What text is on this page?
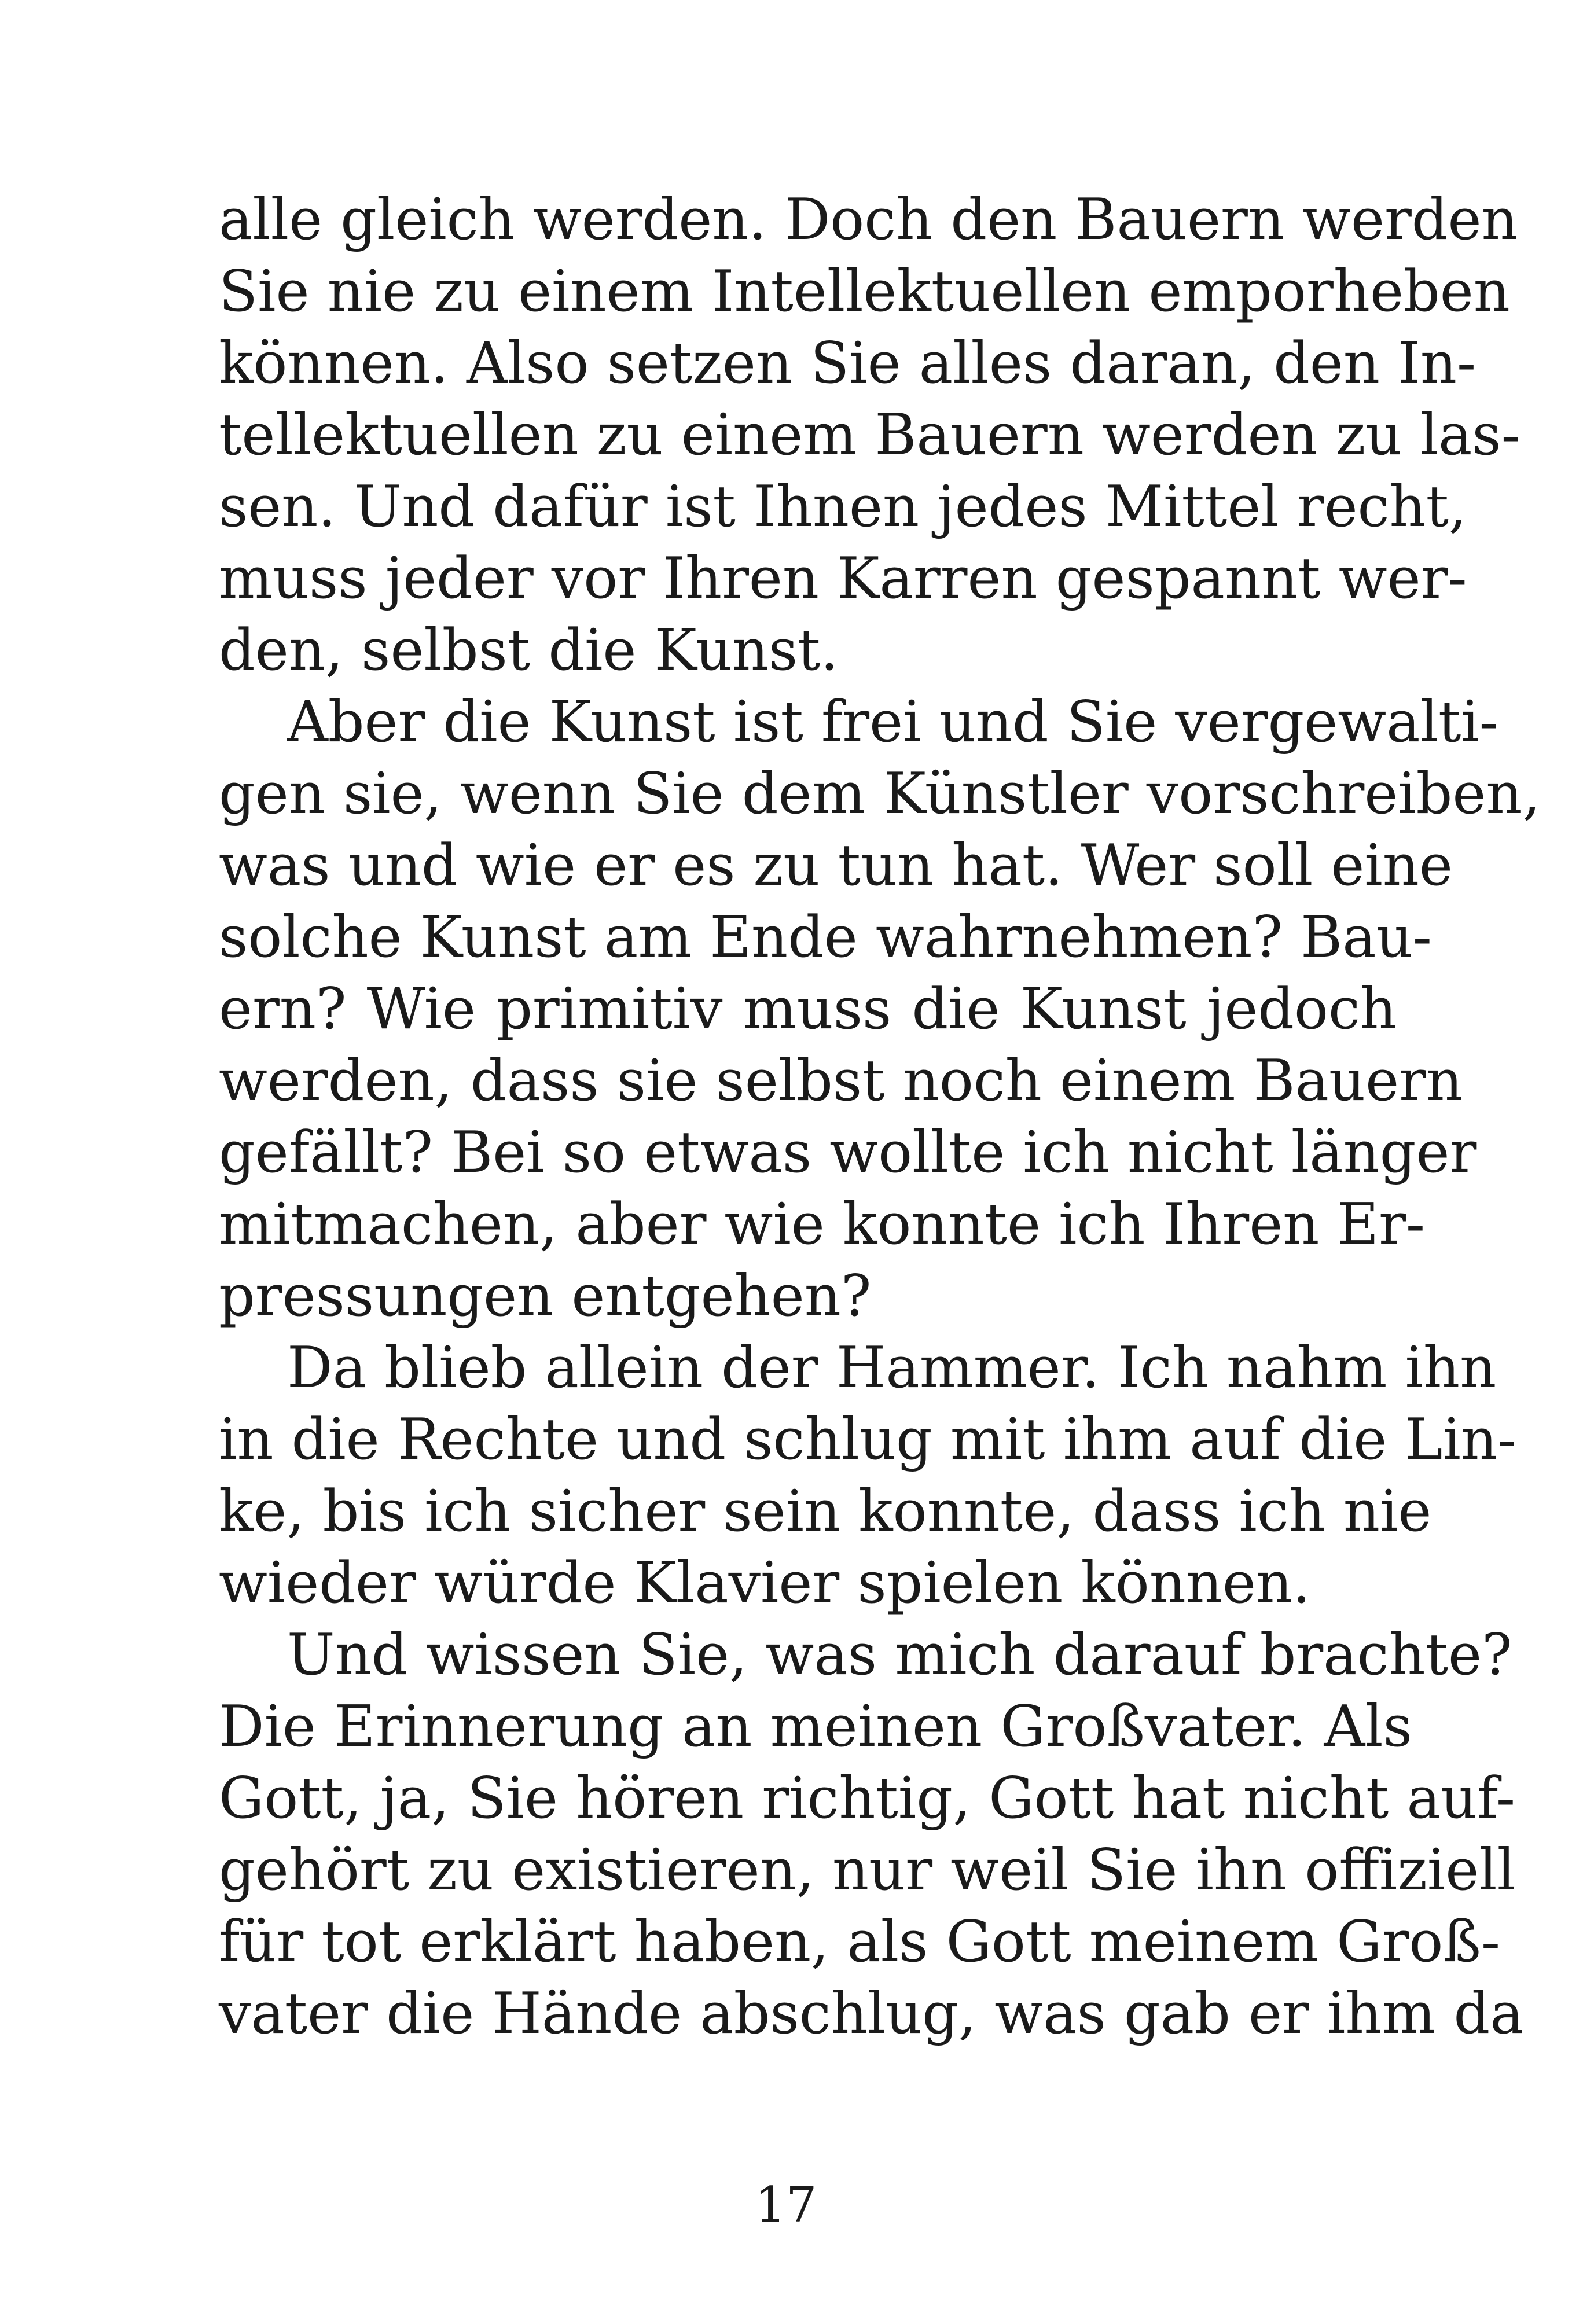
alle gleich werden. Doch den Bauern werden
Sie nie zu einem Intellektuellen emporheben
können. Also setzen Sie alles daran, den In-
tellektuellen zu einem Bauern werden zu las-
sen. Und dafür ist Ihnen jedes Mittel recht,
muss jeder vor Ihren Karren gespannt wer-
den, selbst die Kunst.
Aber die Kunst ist frei und Sie vergewalti-
gen sie, wenn Sie dem Künstler vorschreiben,
was und wie er es zu tun hat. Wer soll eine
solche Kunst am Ende wahrnehmen? Bau-
ern? Wie primitiv muss die Kunst jedoch
werden, dass sie selbst noch einem Bauern
gefällt? Bei so etwas wollte ich nicht länger
mitmachen, aber wie konnte ich Ihren Er-
pressungen entgehen?
Da blieb allein der Hammer. Ich nahm ihn
in die Rechte und schlug mit ihm auf die Lin-
ke, bis ich sicher sein konnte, dass ich nie
wieder würde Klavier spielen können.
Und wissen Sie, was mich darauf brachte?
Die Erinnerung an meinen Großvater. Als
Gott, ja, Sie hören richtig, Gott hat nicht auf-
gehört zu existieren, nur weil Sie ihn offiziell
für tot erklärt haben, als Gott meinem Groß-
vater die Hände abschlug, was gab er ihm da
17
